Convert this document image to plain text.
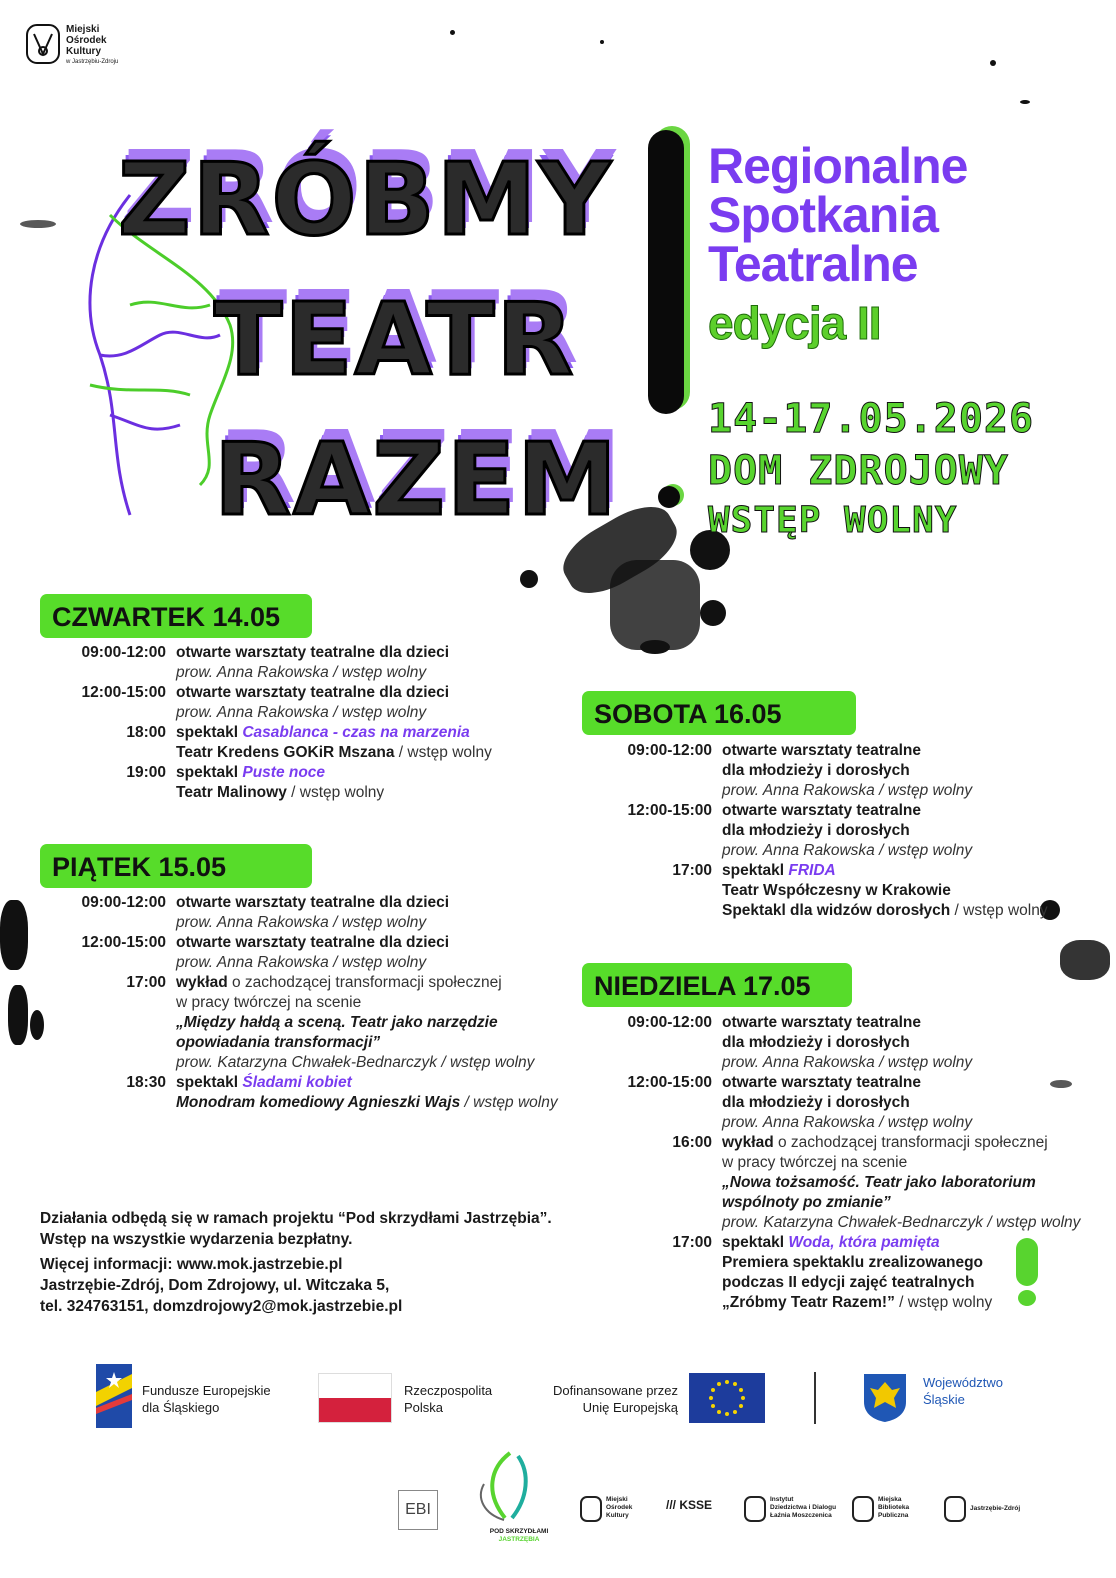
Miejski
Ośrodek
Kultury
w Jastrzębiu-Zdroju
ZRÓBMY
TEATR
RAZEM
Regionalne
Spotkania
Teatralne
edycja II
14-17.05.2026
DOM ZDROJOWY
WSTĘP WOLNY
CZWARTEK 14.05
09:00-12:00 otwarte warsztaty teatralne dla dzieci
prow. Anna Rakowska / wstęp wolny
12:00-15:00 otwarte warsztaty teatralne dla dzieci
prow. Anna Rakowska / wstęp wolny
18:00 spektakl Casablanca - czas na marzenia
Teatr Kredens GOKiR Mszana / wstęp wolny
19:00 spektakl Puste noce
Teatr Malinowy / wstęp wolny
PIĄTEK 15.05
09:00-12:00 otwarte warsztaty teatralne dla dzieci
prow. Anna Rakowska / wstęp wolny
12:00-15:00 otwarte warsztaty teatralne dla dzieci
prow. Anna Rakowska / wstęp wolny
17:00 wykład o zachodzącej transformacji społecznej
w pracy twórczej na scenie
„Między hałdą a sceną. Teatr jako narzędzie
opowiadania transformacji”
prow. Katarzyna Chwałek-Bednarczyk / wstęp wolny
18:30 spektakl Śladami kobiet
Monodram komediowy Agnieszki Wajs / wstęp wolny
SOBOTA 16.05
09:00-12:00 otwarte warsztaty teatralne
dla młodzieży i dorosłych
prow. Anna Rakowska / wstęp wolny
12:00-15:00 otwarte warsztaty teatralne
dla młodzieży i dorosłych
prow. Anna Rakowska / wstęp wolny
17:00 spektakl FRIDA
Teatr Współczesny w Krakowie
Spektakl dla widzów dorosłych / wstęp wolny
NIEDZIELA 17.05
09:00-12:00 otwarte warsztaty teatralne
dla młodzieży i dorosłych
prow. Anna Rakowska / wstęp wolny
12:00-15:00 otwarte warsztaty teatralne
dla młodzieży i dorosłych
prow. Anna Rakowska / wstęp wolny
16:00 wykład o zachodzącej transformacji społecznej
w pracy twórczej na scenie
„Nowa tożsamość. Teatr jako laboratorium
wspólnoty po zmianie”
prow. Katarzyna Chwałek-Bednarczyk / wstęp wolny
17:00 spektakl Woda, która pamięta
Premiera spektaklu zrealizowanego
podczas II edycji zajęć teatralnych
„Zróbmy Teatr Razem!” / wstęp wolny
Działania odbędą się w ramach projektu “Pod skrzydłami Jastrzębia”.
Wstęp na wszystkie wydarzenia bezpłatny.
Więcej informacji: www.mok.jastrzebie.pl
Jastrzębie-Zdrój, Dom Zdrojowy, ul. Witczaka 5,
tel. 324763151, domzdrojowy2@mok.jastrzebie.pl
Fundusze Europejskie
dla Śląskiego
Rzeczpospolita
Polska
Dofinansowane przez
Unię Europejską
Województwo
Śląskie
EBI
POD SKRZYDŁAMI
JASTRZĘBIA
Miejski
Ośrodek
Kultury
/// KSSE	Instytut
Dziedzictwa i Dialogu
Łaźnia Moszczenica
Miejska
Biblioteka
Publiczna
Jastrzębie-Zdrój
